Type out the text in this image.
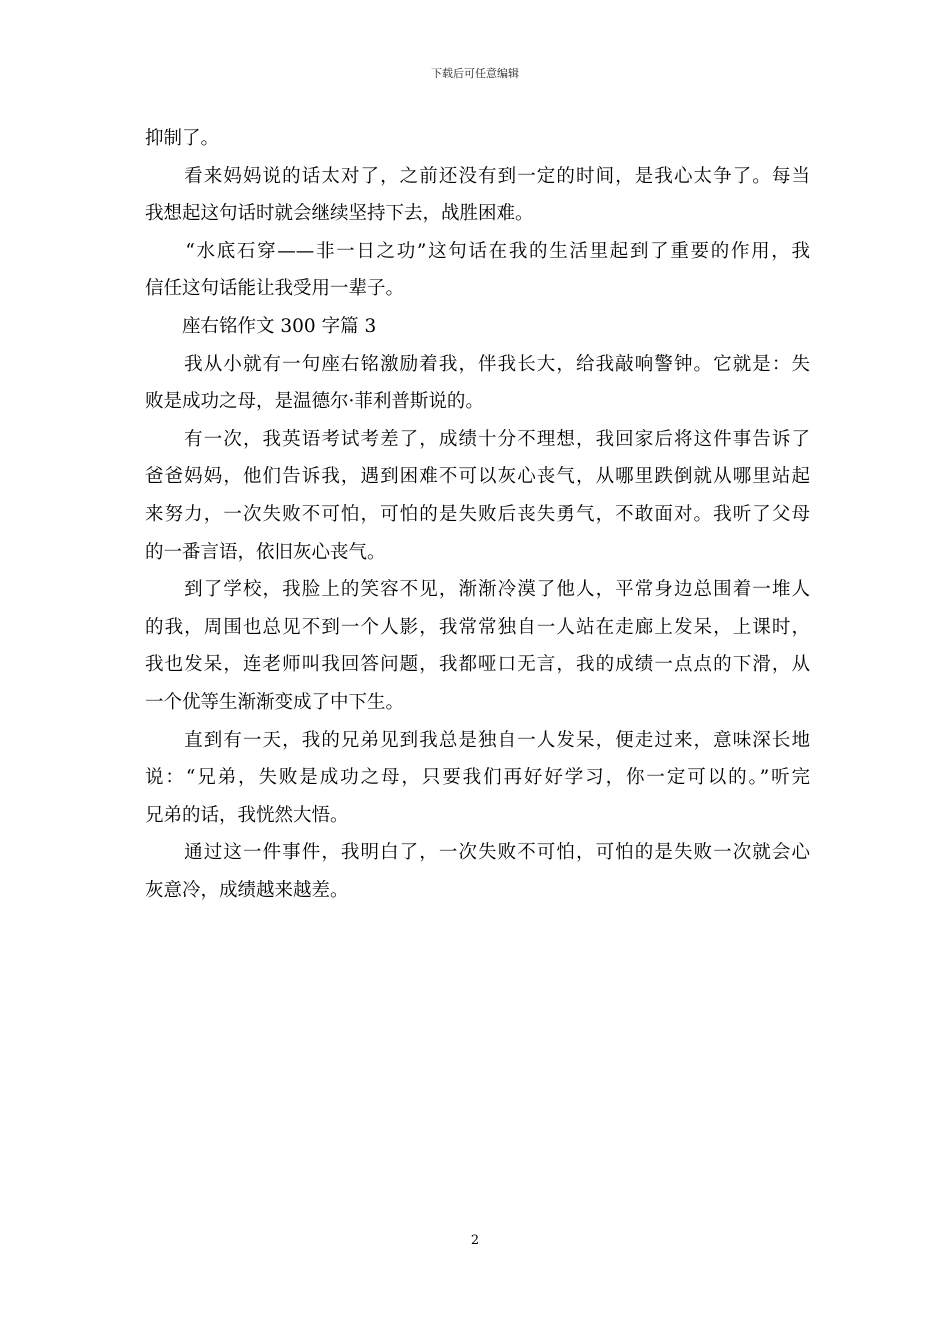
下载后可任意编辑
抑制了。
　　看来妈妈说的话太对了，之前还没有到一定的时间，是我心太争了。每当
我想起这句话时就会继续坚持下去，战胜困难。
　　“水底石穿——非一日之功”这句话在我的生活里起到了重要的作用，我
信任这句话能让我受用一辈子。
　　座右铭作文 300 字篇 3
　　我从小就有一句座右铭激励着我，伴我长大，给我敲响警钟。它就是：失
败是成功之母，是温德尔·菲利普斯说的。
　　有一次，我英语考试考差了，成绩十分不理想，我回家后将这件事告诉了
爸爸妈妈，他们告诉我，遇到困难不可以灰心丧气，从哪里跌倒就从哪里站起
来努力，一次失败不可怕，可怕的是失败后丧失勇气，不敢面对。我听了父母
的一番言语，依旧灰心丧气。
　　到了学校，我脸上的笑容不见，渐渐冷漠了他人，平常身边总围着一堆人
的我，周围也总见不到一个人影，我常常独自一人站在走廊上发呆，上课时，
我也发呆，连老师叫我回答问题，我都哑口无言，我的成绩一点点的下滑，从
一个优等生渐渐变成了中下生。
　　直到有一天，我的兄弟见到我总是独自一人发呆，便走过来，意味深长地
说：“兄弟，失败是成功之母，只要我们再好好学习，你一定可以的。”听完
兄弟的话，我恍然大悟。
　　通过这一件事件，我明白了，一次失败不可怕，可怕的是失败一次就会心
灰意冷，成绩越来越差。
2
